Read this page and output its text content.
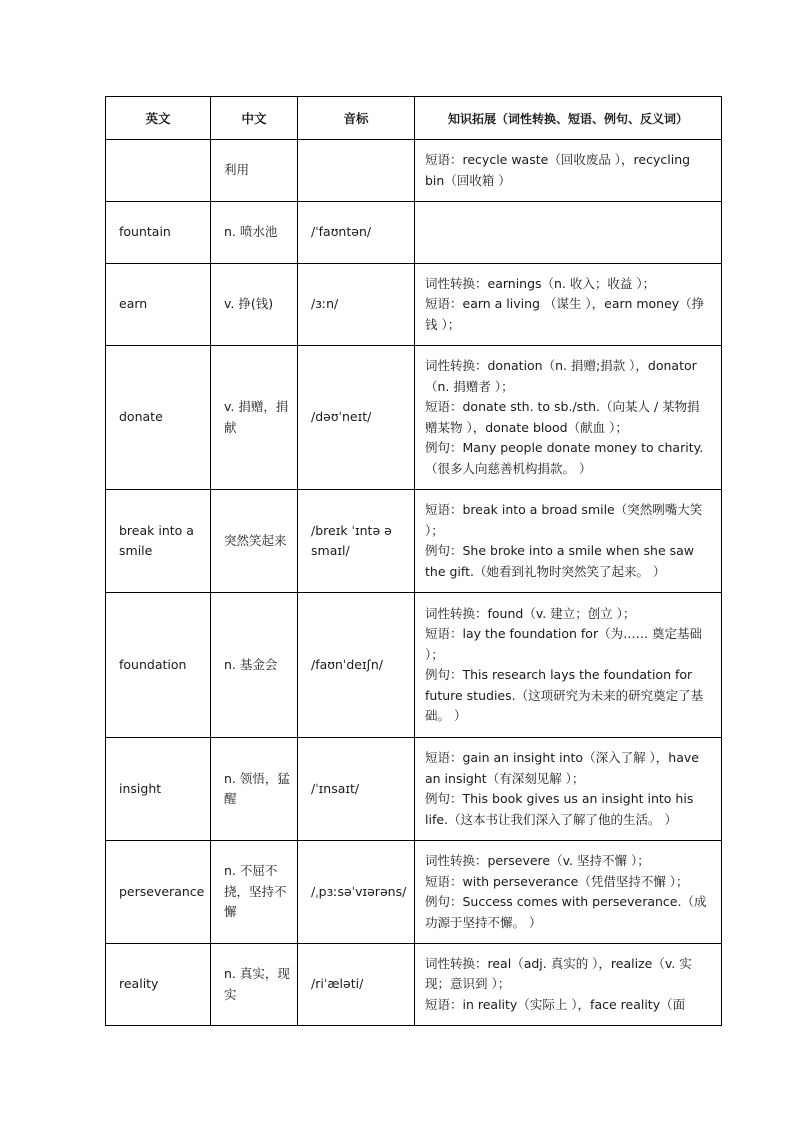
英文	中文	音标	知识拓展（词性转换、短语、例句、反义词）
	利用		短语：recycle waste（回收废品 ），recycling bin（回收箱 ）

fountain	n. 喷水池	/ˈfaʊntən/	
earn	v. 挣(钱)	/ɜːn/	词性转换：earnings（n. 收入；收益 ）；

短语：earn a living （谋生 ），earn money（挣钱 ）；

donate	v. 捐赠，捐献	/dəʊˈneɪt/	词性转换：donation（n. 捐赠;捐款 ），donator（n. 捐赠者 ）；

短语：donate sth. to sb./sth.（向某人 / 某物捐赠某物 ），donate blood（献血 ）；

例句：Many people donate money to charity.（很多人向慈善机构捐款。 ）

break into a smile	突然笑起来	/breɪk ˈɪntə ə smaɪl/	短语：break into a broad smile（突然咧嘴大笑 ）；

例句：She broke into a smile when she saw the gift.（她看到礼物时突然笑了起来。 ）

foundation	n. 基金会	/faʊnˈdeɪʃn/	词性转换：found（v. 建立；创立 ）；

短语：lay the foundation for（为…… 奠定基础 ）；

例句：This research lays the foundation for future studies.（这项研究为未来的研究奠定了基础。 ）

insight	n. 领悟，猛醒	/ˈɪnsaɪt/	短语：gain an insight into（深入了解 ），have an insight（有深刻见解 ）；

例句：This book gives us an insight into his life.（这本书让我们深入了解了他的生活。 ）

perseverance	n. 不屈不挠，坚持不懈	/ˌpɜːsəˈvɪərəns/	词性转换：persevere（v. 坚持不懈 ）；

短语：with perseverance（凭借坚持不懈 ）；

例句：Success comes with perseverance.（成功源于坚持不懈。 ）

reality	n. 真实，现实	/riˈæləti/	词性转换：real（adj. 真实的 ），realize（v. 实现；意识到 ）；

短语：in reality（实际上 ），face reality（面
